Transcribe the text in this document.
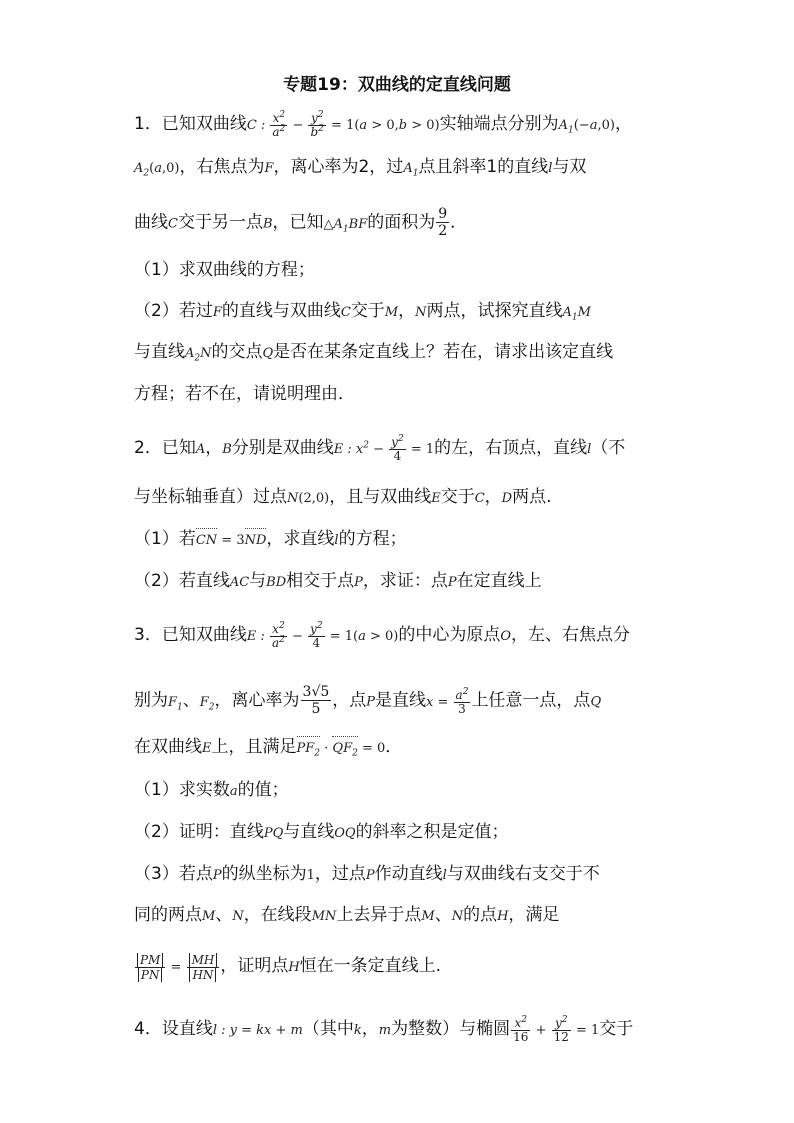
专题19：双曲线的定直线问题
1．已知双曲线C : $\frac{x^2}{a^2} - \frac{y^2}{b^2} = 1(a > 0,b > 0)$实轴端点分别为$A_1(-a,0)$，
$A_2(a,0)$，右焦点为F，离心率为2，过$A_1$点且斜率1的直线l与双
曲线C交于另一点B，已知$\triangle A_1BF$的面积为 $\frac{9}{2}$ ．
（1）求双曲线的方程；
（2）若过F的直线与双曲线C交于M，N两点，试探究直线$A_1M$
与直线$A_2N$的交点Q是否在某条定直线上？若在，请求出该定直线
方程；若不在，请说明理由．
2．已知A，B分别是双曲线E : $x^2 - \frac{y^2}{4} = 1$的左，右顶点，直线l（不
与坐标轴垂直）过点N(2,0)，且与双曲线E交于C，D两点.
（1）若CN = 3ND，求直线l的方程；
（2）若直线AC与BD相交于点P，求证：点P在定直线上
3．已知双曲线E : $\frac{x^2}{a^2} - \frac{y^2}{4} = 1(a > 0)$的中心为原点O，左、右焦点分
别为$F_1$、$F_2$，离心率为 $\frac{3√5}{5}$ ，点P是直线$x = \frac{a^2}{3}$ 上任意一点，点Q
在双曲线E上，且满足$PF_2 \cdot QF_2 = 0$．
（1）求实数a的值；
（2）证明：直线PQ与直线OQ的斜率之积是定值；
（3）若点P的纵坐标为1，过点P作动直线l与双曲线右支交于不
同的两点M、N，在线段MN上去异于点M、N的点H，满足
$\frac{PM}{PN} = \frac{MH}{HN}$ ，证明点H恒在一条定直线上.
4．设直线l : y = kx + m（其中k，m为整数）与椭圆 $\frac{x^2}{16} + \frac{y^2}{12} = 1$交于
